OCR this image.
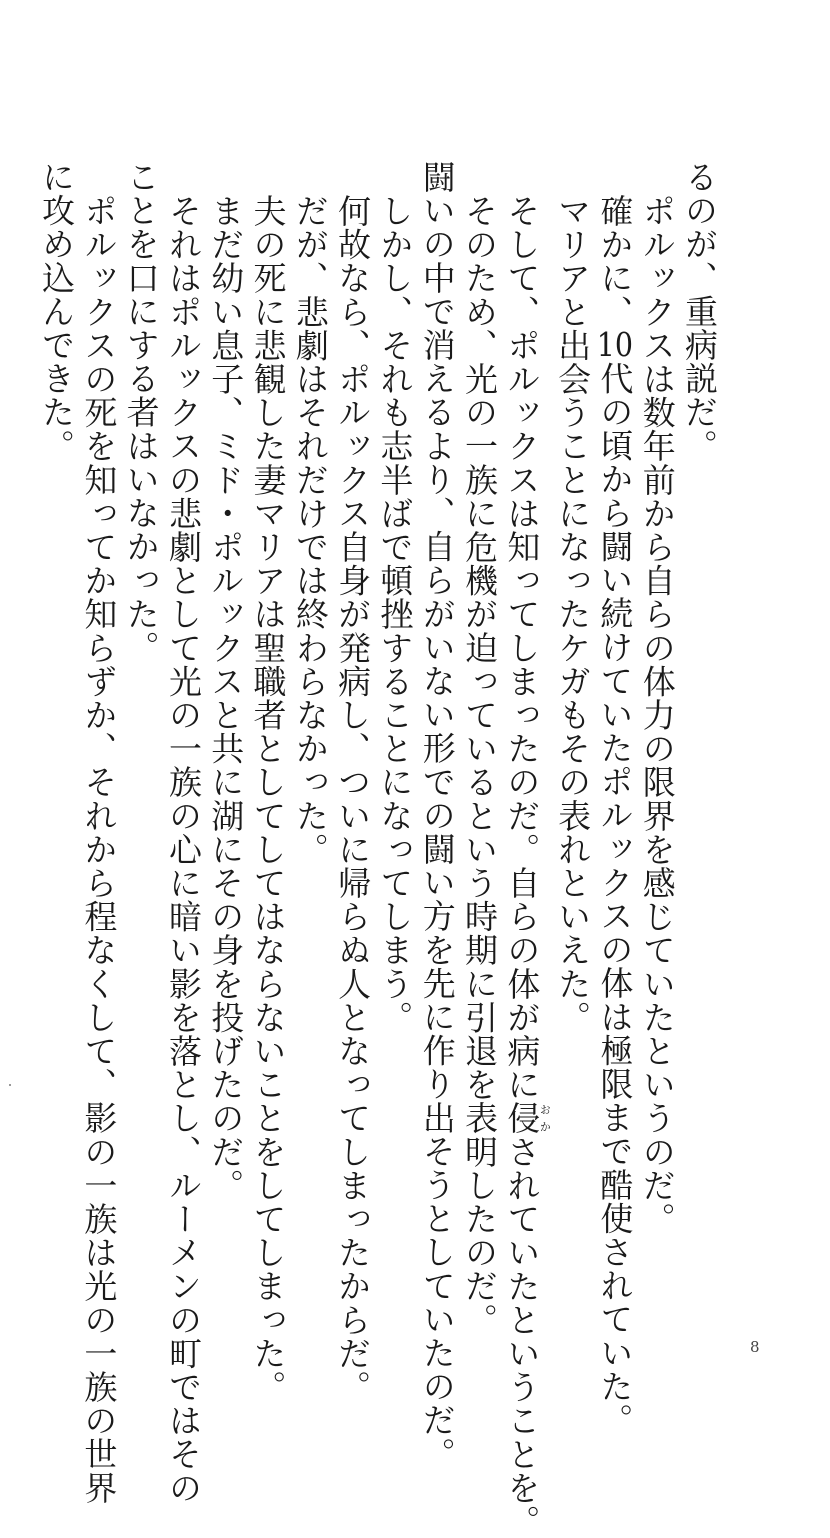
るのが、重病説だ。
ポルックスは数年前から自らの体力の限界を感じていたというのだ。
確かに、10代の頃から闘い続けていたポルックスの体は極限まで酷使されていた。
マリアと出会うことになったケガもその表れといえた。
そして、ポルックスは知ってしまったのだ。自らの体が病に侵おかされていたということを。
そのため、光の一族に危機が迫っているという時期に引退を表明したのだ。
闘いの中で消えるより、自らがいない形での闘い方を先に作り出そうとしていたのだ。
しかし、それも志半ばで頓挫することになってしまう。
何故なら、ポルックス自身が発病し、ついに帰らぬ人となってしまったからだ。
だが、悲劇はそれだけでは終わらなかった。
夫の死に悲観した妻マリアは聖職者としてしてはならないことをしてしまった。
まだ幼い息子、ミド・ポルックスと共に湖にその身を投げたのだ。
それはポルックスの悲劇として光の一族の心に暗い影を落とし、ルーメンの町ではその
ことを口にする者はいなかった。
ポルックスの死を知ってか知らずか、それから程なくして、影の一族は光の一族の世界
に攻め込んできた。
8
